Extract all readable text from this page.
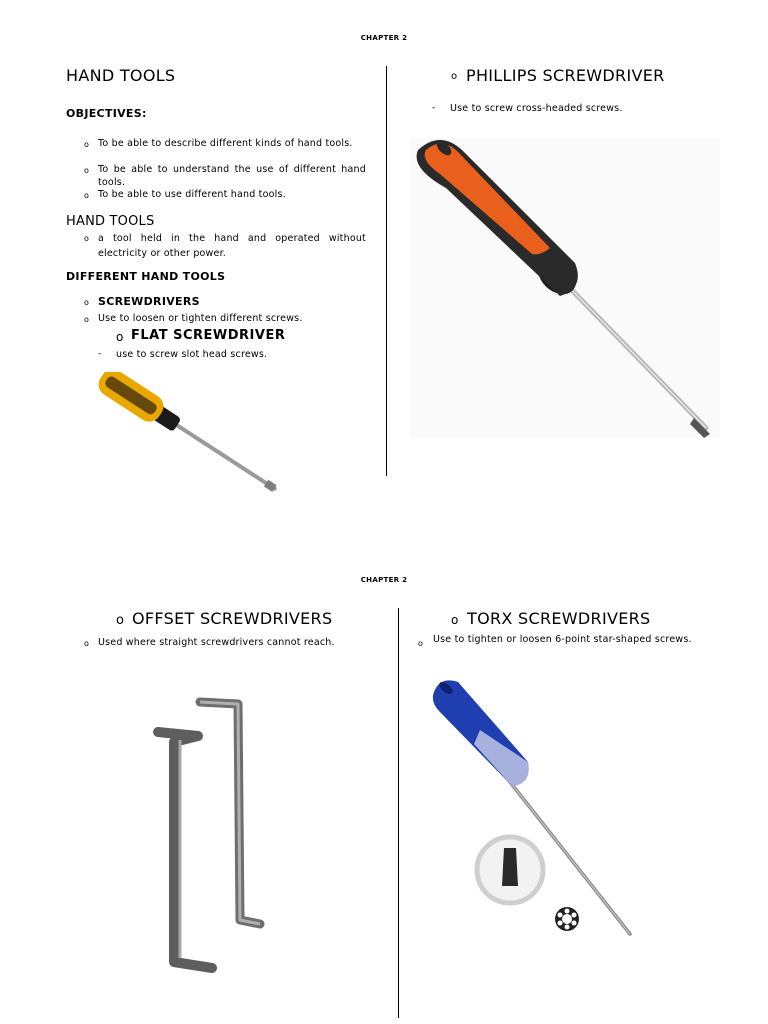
CHAPTER 2
HAND TOOLS
OBJECTIVES:
o To be able to describe different kinds of hand tools.
o To be able to understand the use of different hand tools.
o To be able to use different hand tools.
HAND TOOLS
o a tool held in the hand and operated without electricity or other power.
DIFFERENT HAND TOOLS
o SCREWDRIVERS
o Use to loosen or tighten different screws.
o FLAT SCREWDRIVER
- use to screw slot head screws.
o PHILLIPS SCREWDRIVER
- Use to screw cross-headed screws.
CHAPTER 2
o OFFSET SCREWDRIVERS
o Used where straight screwdrivers cannot reach.
o TORX SCREWDRIVERS
o Use to tighten or loosen 6-point star-shaped screws.
